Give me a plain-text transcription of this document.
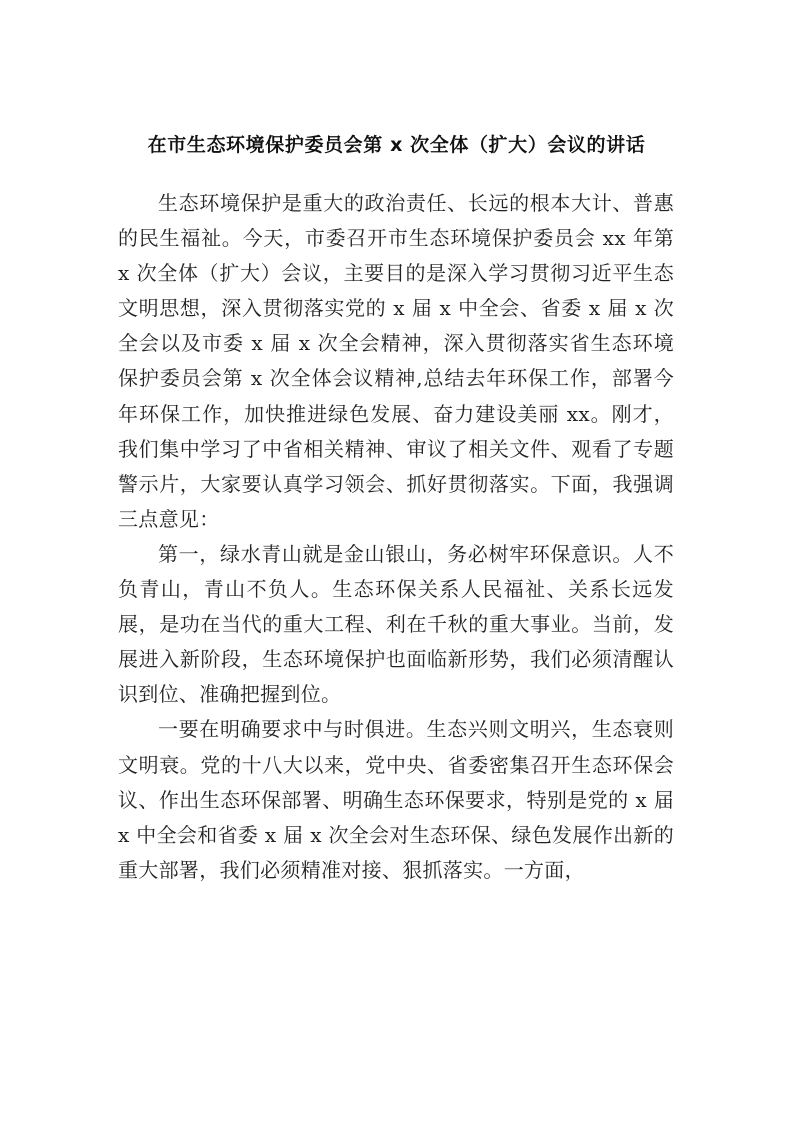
在市生态环境保护委员会第 x 次全体（扩大）会议的讲话

生态环境保护是重大的政治责任、长远的根本大计、普惠的民生福祉。今天，市委召开市生态环境保护委员会 xx 年第 x 次全体（扩大）会议，主要目的是深入学习贯彻习近平生态文明思想，深入贯彻落实党的 x 届 x 中全会、省委 x 届 x 次全会以及市委 x 届 x 次全会精神，深入贯彻落实省生态环境保护委员会第 x 次全体会议精神,总结去年环保工作，部署今年环保工作，加快推进绿色发展、奋力建设美丽 xx。刚才，我们集中学习了中省相关精神、审议了相关文件、观看了专题警示片，大家要认真学习领会、抓好贯彻落实。下面，我强调三点意见：

第一，绿水青山就是金山银山，务必树牢环保意识。人不负青山，青山不负人。生态环保关系人民福祉、关系长远发展，是功在当代的重大工程、利在千秋的重大事业。当前，发展进入新阶段，生态环境保护也面临新形势，我们必须清醒认识到位、准确把握到位。

一要在明确要求中与时俱进。生态兴则文明兴，生态衰则文明衰。党的十八大以来，党中央、省委密集召开生态环保会议、作出生态环保部署、明确生态环保要求，特别是党的 x 届 x 中全会和省委 x 届 x 次全会对生态环保、绿色发展作出新的重大部署，我们必须精准对接、狠抓落实。一方面，
